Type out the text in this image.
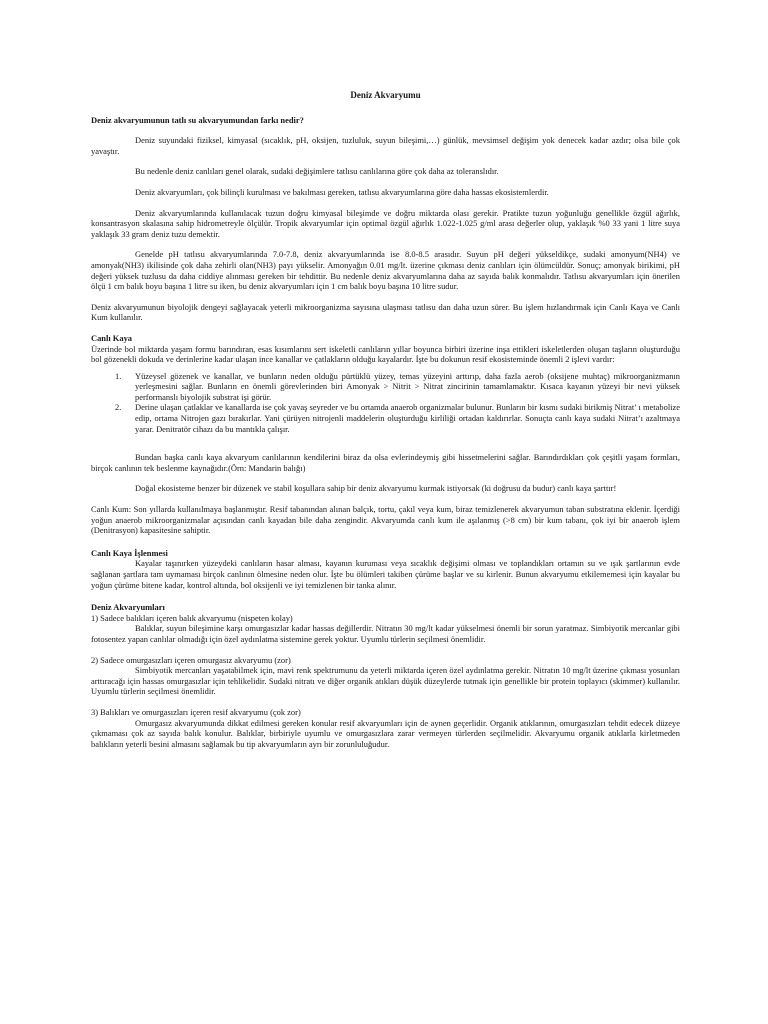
Deniz Akvaryumu

Deniz akvaryumunun tatlı su akvaryumundan farkı nedir?

Deniz suyundaki fiziksel, kimyasal (sıcaklık, pH, oksijen, tuzluluk, suyun bileşimi,…) günlük, mevsimsel değişim yok denecek kadar azdır; olsa bile çok yavaştır.

Bu nedenle deniz canlıları genel olarak, sudaki değişimlere tatlısu canlılarına göre çok daha az toleranslıdır.

Deniz akvaryumları, çok bilinçli kurulması ve bakılması gereken, tatlısu akvaryumlarına göre daha hassas ekosistemlerdir.

Deniz akvaryumlarında kullanılacak tuzun doğru kimyasal bileşimde ve doğru miktarda olası gerekir. Pratikte tuzun yoğunluğu genellikle özgül ağırlık, konsantrasyon skalasına sahip hidrometreyle ölçülür. Tropik akvaryumlar için optimal özgül ağırlık 1.022-1.025 g/ml arası değerler olup, yaklaşık %0 33 yani 1 litre suya yaklaşık 33 gram deniz tuzu demektir.

Genelde pH tatlısu akvaryumlarında 7.0-7.8, deniz akvaryumlarında ise 8.0-8.5 arasıdır. Suyun pH değeri yükseldikçe, sudaki amonyum(NH4) ve amonyak(NH3) ikilisinde çok daha zehirli olan(NH3) payı yükselir. Amonyağın 0.01 mg/lt. üzerine çıkması deniz canlıları için ölümcüldür. Sonuç; amonyak birikimi, pH değeri yüksek tuzlusu da daha ciddiye alınması gereken bir tehdittir. Bu nedenle deniz akvaryumlarına daha az sayıda balık konmalıdır. Tatlısu akvaryumları için önerilen ölçü 1 cm balık boyu başına 1 litre su iken, bu deniz akvaryumları için 1 cm balık boyu başına 10 litre sudur.

Deniz akvaryumunun biyolojik dengeyi sağlayacak yeterli mikroorganizma sayısına ulaşması tatlısu dan daha uzun sürer. Bu işlem hızlandırmak için Canlı Kaya ve Canlı Kum kullanılır.

Canlı Kaya

Üzerinde bol miktarda yaşam formu barındıran, esas kısımlarını sert iskeletli canlıların yıllar boyunca birbiri üzerine inşa ettikleri iskeletlerden oluşan taşların oluşturduğu bol gözenekli dokuda ve derinlerine kadar ulaşan ince kanallar ve çatlakların olduğu kayalardır. İşte bu dokunun resif ekosisteminde önemli 2 işlevi vardır:

1. Yüzeysel gözenek ve kanallar, ve bunların neden olduğu pürtüklü yüzey, temas yüzeyini arttırıp, daha fazla aerob (oksijene muhtaç) mikroorganizmanın yerleşmesini sağlar. Bunların en önemli görevlerinden biri Amonyak > Nitrit > Nitrat zincirinin tamamlamaktır. Kısaca kayanın yüzeyi bir nevi yüksek performanslı biyolojik substrat işi görür.
2. Derine ulaşan çatlaklar ve kanallarda ise çok yavaş seyreder ve bu ortamda anaerob organizmalar bulunur. Bunların bir kısmı sudaki birikmiş Nitrat’ ı metabolize edip, ortama Nitrojen gazı bırakırlar. Yani çürüyen nitrojenli maddelerin oluşturduğu kirliliği ortadan kaldırırlar. Sonuçta canlı kaya sudaki Nitrat’ı azaltmaya yarar. Denitratör cihazı da bu mantıkla çalışır.

Bundan başka canlı kaya akvaryum canlılarının kendilerini biraz da olsa evlerindeymiş gibi hissetmelerini sağlar. Barındırdıkları çok çeşitli yaşam formları, birçok canlının tek beslenme kaynağıdır.(Örn: Mandarin balığı)

Doğal ekosisteme benzer bir düzenek ve stabil koşullara sahip bir deniz akvaryumu kurmak istiyorsak (ki doğrusu da budur) canlı kaya şarttır!

Canlı Kum: Son yıllarda kullanılmaya başlanmıştır. Resif tabanından alınan balçık, tortu, çakıl veya kum, biraz temizlenerek akvaryumun taban substratına eklenir. İçerdiği yoğun anaerob mikroorganizmalar açısından canlı kayadan bile daha zengindir. Akvaryumda canlı kum ile aşılanmış (>8 cm) bir kum tabanı, çok iyi bir anaerob işlem (Denitrasyon) kapasitesine sahiptir.

Canlı Kaya İşlenmesi

Kayalar taşınırken yüzeydeki canlıların hasar alması, kayanın kuruması veya sıcaklık değişimi olması ve toplandıkları ortamın su ve ışık şartlarının evde sağlanan şartlara tam uymaması birçok canlının ölmesine neden olur. İşte bu ölümleri takiben çürüme başlar ve su kirlenir. Bunun akvaryumu etkilememesi için kayalar bu yoğun çürüme bitene kadar, kontrol altında, bol oksijenli ve iyi temizlenen bir tanka alınır.

Deniz Akvaryumları

1) Sadece balıkları içeren balık akvaryumu (nispeten kolay)

Balıklar, suyun bileşimine karşı omurgasızlar kadar hassas değillerdir. Nitratın 30 mg/lt kadar yükselmesi önemli bir sorun yaratmaz. Simbiyotik mercanlar gibi fotosentez yapan canlılar olmadığı için özel aydınlatma sistemine gerek yoktur. Uyumlu türlerin seçilmesi önemlidir.

2) Sadece omurgasızları içeren omurgasız akvaryumu (zor)

Simbiyotik mercanları yaşatabilmek için, mavi renk spektrumunu da yeterli miktarda içeren özel aydınlatma gerekir. Nitratın 10 mg/lt üzerine çıkması yosunları arttıracağı için hassas omurgasızlar için tehlikelidir. Sudaki nitratı ve diğer organik atıkları düşük düzeylerde tutmak için genellikle bir protein toplayıcı (skimmer) kullanılır. Uyumlu türlerin seçilmesi önemlidir.

3) Balıkları ve omurgasızları içeren resif akvaryumu (çok zor)

Omurgasız akvaryumunda dikkat edilmesi gereken konular resif akvaryumları için de aynen geçerlidir. Organik atıklarının, omurgasızları tehdit edecek düzeye çıkmaması çok az sayıda balık konulur. Balıklar, birbiriyle uyumlu ve omurgasızlara zarar vermeyen türlerden seçilmelidir. Akvaryumu organik atıklarla kirletmeden balıkların yeterli besini almasını sağlamak bu tip akvaryumların ayrı bir zorunluluğudur.
